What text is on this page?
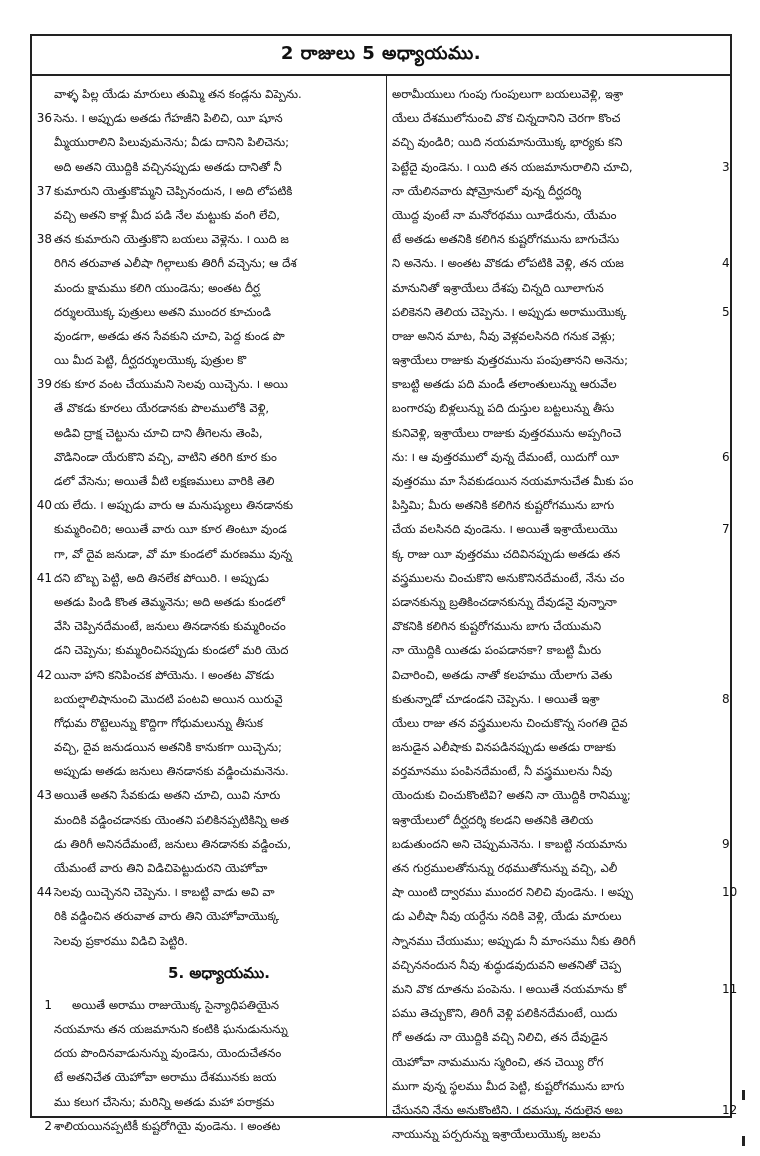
2 రాజులు 5 అధ్యాయము.
వాళ్ళ పిల్ల యేడు మారులు తుమ్మి తన కండ్లను విప్పెను.
36 సెను. ౹ అప్పుడు అతడు గేహజీని పిలిచి, యీ షూన
మ్మీయురాలిని పిలువుమనెను; వీడు దానిని పిలిచెను;
అది అతని యొద్దికి వచ్చినప్పుడు అతడు దానితో నీ
37 కుమారుని యెత్తుకొమ్మని చెప్పినందున, ౹ అది లోపటికి
వచ్చి అతని కాళ్ల మీద పడి నేల మట్టుకు వంగి లేచి,
38 తన కుమారుని యెత్తుకొని బయలు వెళ్లెను. ౹ యిది జ
రిగిన తరువాత ఎలీషా గిల్గాలుకు తిరిగీ వచ్చెను; ఆ దేశ
మందు క్షామము కలిగి యుండెను; అంతట దీర్ఘ
దర్శులయొక్క పుత్రులు అతని ముందర కూచుండి
వుండగా, అతడు తన సేవకుని చూచి, పెద్ద కుండ పొ
యి మీద పెట్టి, దీర్ఘదర్శులయొక్క పుత్రుల కొ
39 రకు కూర వంట చేయుమని సెలవు యిచ్చెను. ౹ అయి
తే వొకడు కూరలు యేరడానకు పొలములోకి వెళ్లి,
అడివి ద్రాక్ష చెట్టును చూచి దాని తీగెలను తెంపి,
వొడినిండా యేరుకొని వచ్చి, వాటిని తరిగి కూర కుం
డలో వేసెను; అయితే వీటి లక్షణములు వారికి తెలి
40 య లేదు. ౹ అప్పుడు వారు ఆ మనుష్యులు తినడానకు
కుమ్మరించిరి; అయితే వారు యీ కూర తింటూ వుండ
గా, వో దైవ జనుడా, వో మా కుండలో మరణము వున్న
41 దని బొబ్బ పెట్టి, అది తినలేక పోయిరి. ౹ అప్పుడు
అతడు పిండి కొంత తెమ్మనెను; అది అతడు కుండలో
వేసి చెప్పినదేమంటే, జనులు తినడానకు కుమ్మరించం
డని చెప్పెను; కుమ్మరించినప్పుడు కుండలో మరి యెద
42 యినా హాని కనిపించక పోయెను. ౹ అంతట వొకడు
బయల్షాలిషానుంచి మొదటి పంటవి అయిన యిరువై
గోధుమ రొట్టెలున్ను కొద్దిగా గోధుమలున్ను తీసుక
వచ్చి, దైవ జనుడయిన అతనికి కానుకగా యిచ్చెను;
అప్పుడు అతడు జనులు తినడానకు వడ్డించుమనెను.
43 అయితే అతని సేవకుడు అతని చూచి, యివి నూరు
మందికి వడ్డించడానకు యెంతని పలికినప్పటికిన్ని అత
డు తిరిగీ అనినదేమంటే, జనులు తినడానకు వడ్డించు,
యేమంటే వారు తిని విడిచిపెట్టుదురని యెహోవా
44 సెలవు యిచ్చెనని చెప్పెను. ౹ కాబట్టి వాడు అవి వా
రికి వడ్డించిన తరువాత వారు తిని యెహోవాయొక్క
సెలవు ప్రకారము విడిచి పెట్టిరి.
5. అధ్యాయము.
1 అయితే అరాము రాజుయొక్క సైన్యాధిపతియైన
నయమాను తన యజమానుని కంటికి ఘనుడునున్ను
దయ పొందినవాడునున్ను వుండెను, యెందుచేతనం
టే అతనిచేత యెహోవా అరాము దేశమునకు జయ
ము కలుగ చేసెను; మరిన్ని అతడు మహా పరాక్రమ
2 శాలియయినప్పటికీ కుష్టరోగియై వుండెను. ౹ అంతట
అరామీయులు గుంపు గుంపులుగా బయలువెళ్లి, ఇశ్రా
యేలు దేశములోనుంచి వొక చిన్నదానిని చెరగా కొంచ
వచ్చి వుండిరి; యిది నయమానుయొక్క భార్యకు కని
3
పెట్టేదై వుండెను. ౹ యిది తన యజమానురాలిని చూచి,
నా యేలినవారు షోమ్రోనులో వున్న దీర్ఘదర్శి
యొద్ద వుంటే నా మనోరథము యీడేరును, యేమం
టే అతడు అతనికి కలిగిన కుష్టరోగమును బాగుచేసు
4
ని అనెను. ౹ అంతట వొకడు లోపటికి వెళ్లి, తన యజ
మానునితో ఇశ్రాయేలు దేశపు చిన్నది యీలాగున
5
పలికెనని తెలియ చెప్పెను. ౹ అప్పుడు అరాముయొక్క
రాజు అనిన మాట, నీవు వెళ్లవలసినది గనుక వెళ్లు;
ఇశ్రాయేలు రాజుకు వుత్తరమును పంపుతానని అనెను;
కాబట్టి అతడు పది మండీ తలాంతులున్ను ఆరువేల
బంగారపు బిళ్లలున్ను పది దుస్తుల బట్టలున్ను తీసు
కునివెళ్లి, ఇశ్రాయేలు రాజుకు వుత్తరమును అప్పగించె
6
ను: ౹ ఆ వుత్తరములో వున్న దేమంటే, యిదుగో యీ
వుత్తరము మా సేవకుడయిన నయమానుచేత మీకు పం
పిస్తిమి; మీరు అతనికి కలిగిన కుష్టరోగమును బాగు
7
చేయ వలసినది వుండెను. ౹ అయితే ఇశ్రాయేలుయొ
క్క రాజు యీ వుత్తరము చదివినప్పుడు అతడు తన
వస్త్రములను చించుకొని అనుకొనినదేమంటే, నేను చం
పడానకున్ను బ్రతికించడానకున్ను దేవుడనై వున్నానా
వొకనికి కలిగిన కుష్టరోగమును బాగు చేయుమని
నా యొద్దికి యితడు పంపడానకా? కాబట్టి మీరు
విచారించి, అతడు నాతో కలహము యేలాగు వెతు
8
కుతున్నాడో చూడండని చెప్పెను. ౹ అయితే ఇశ్రా
యేలు రాజు తన వస్త్రములను చించుకొన్న సంగతి దైవ
జనుడైన ఎలీషాకు వినపడినప్పుడు అతడు రాజుకు
వర్తమానము పంపినదేమంటే, నీ వస్త్రములను నీవు
యెందుకు చించుకొంటివి? అతని నా యొద్దికి రానిమ్ము;
ఇశ్రాయేలులో దీర్ఘదర్శి కలడని అతనికి తెలియ
9
బడుతుందని అని చెప్పుమనెను. ౹ కాబట్టి నయమాను
తన గుర్రములతోనున్ను రథముతోనున్ను వచ్చి, ఎలీ
10
షా యింటి ద్వారము ముందర నిలిచి వుండెను. ౹ అప్పు
డు ఎలీషా నీవు యర్దేను నదికి వెళ్లి, యేడు మారులు
స్నానము చేయుము; అప్పుడు నీ మాంసము నీకు తిరిగీ
వచ్చిననందున నీవు శుద్ధుడవుదువని అతనితో చెప్ప
11
మని వొక దూతను పంపెను. ౹ అయితే నయమాను కో
పము తెచ్చుకొని, తిరిగీ వెళ్లి పలికినదేమంటే, యిదు
గో అతడు నా యొద్దికి వచ్చి నిలిచి, తన దేవుడైన
యెహోవా నామమును స్మరించి, తన చెయ్యి రోగ
ముగా వున్న స్థలము మీద పెట్టి, కుష్టరోగమును బాగు
12
చేసునని నేను అనుకొంటిని. ౹ దమస్కు నదులైన అబ
నాయున్ను పర్పరున్ను ఇశ్రాయేలుయొక్క జలమ
